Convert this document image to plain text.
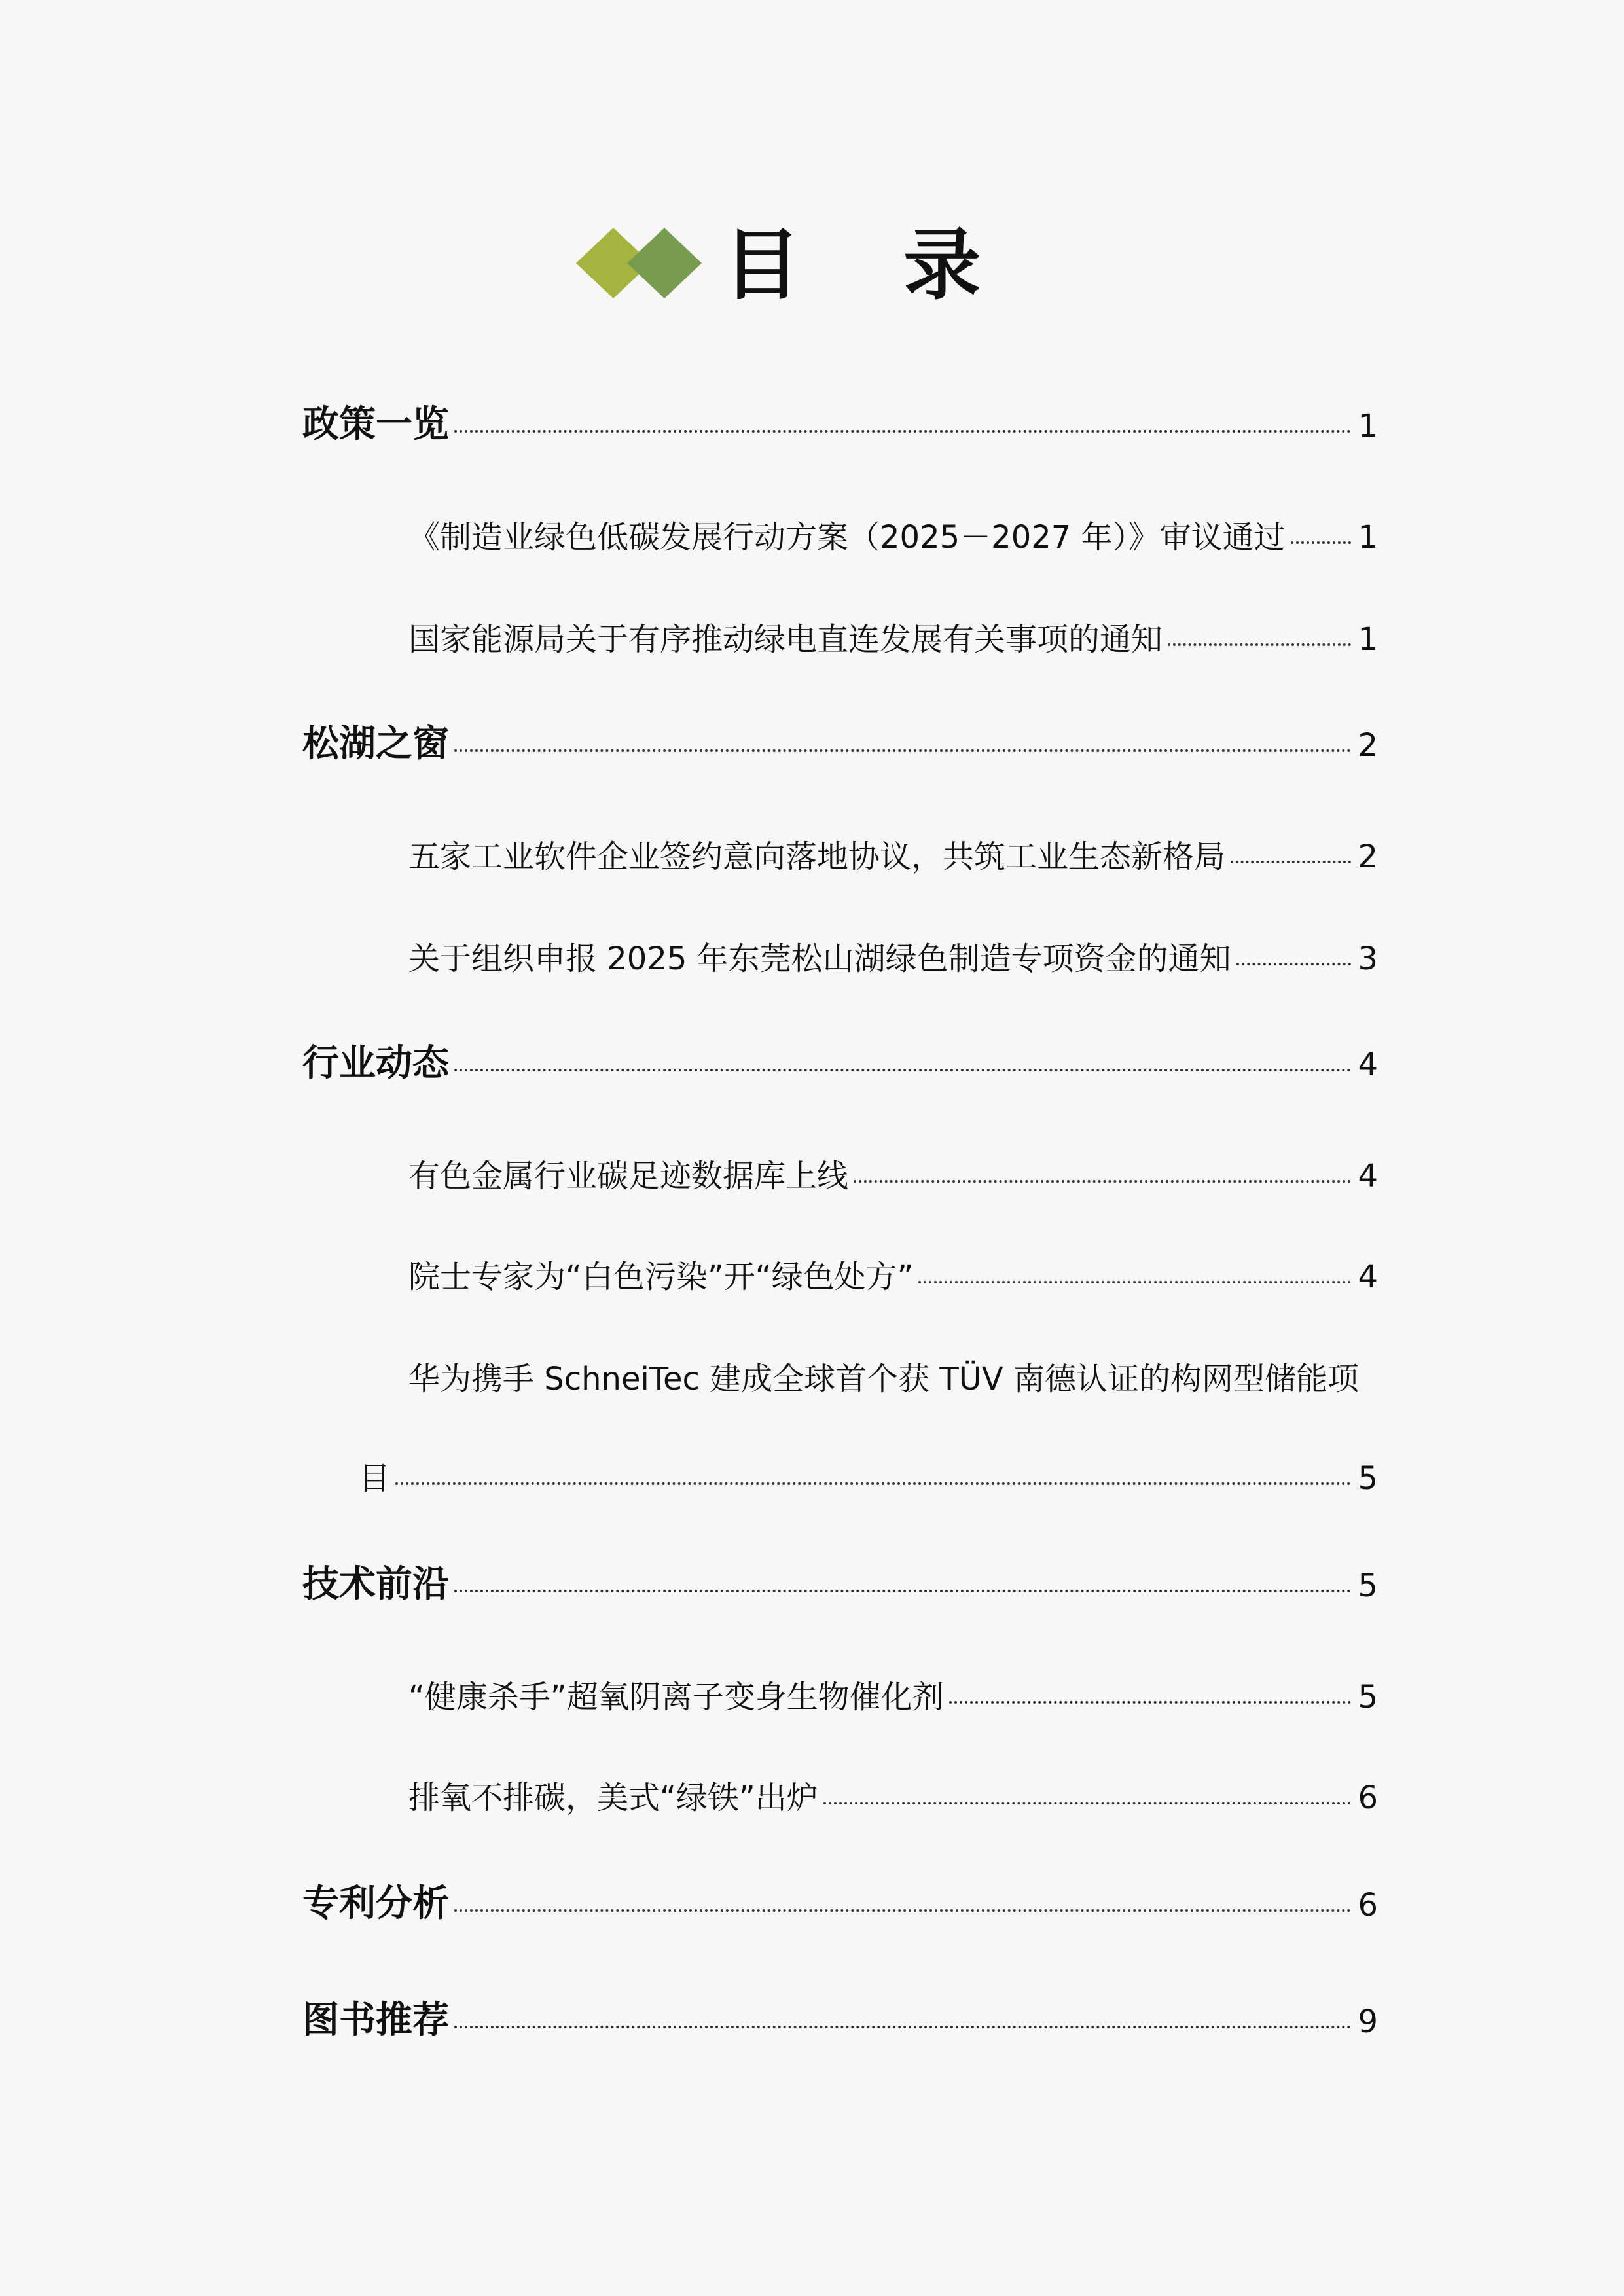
目 录
政策一览	1
《制造业绿色低碳发展行动方案（2025－2027 年）》审议通过 1
国家能源局关于有序推动绿电直连发展有关事项的通知	1
松湖之窗	2
五家工业软件企业签约意向落地协议，共筑工业生态新格局	2
关于组织申报 2025 年东莞松山湖绿色制造专项资金的通知	3
行业动态	4
有色金属行业碳足迹数据库上线	4
院士专家为“白色污染”开“绿色处方”	4
华为携手 SchneiTec 建成全球首个获 TÜV 南德认证的构网型储能项
目	5
技术前沿	5
“健康杀手”超氧阴离子变身生物催化剂	5
排氧不排碳，美式“绿铁”出炉	6
专利分析	6
图书推荐	9
